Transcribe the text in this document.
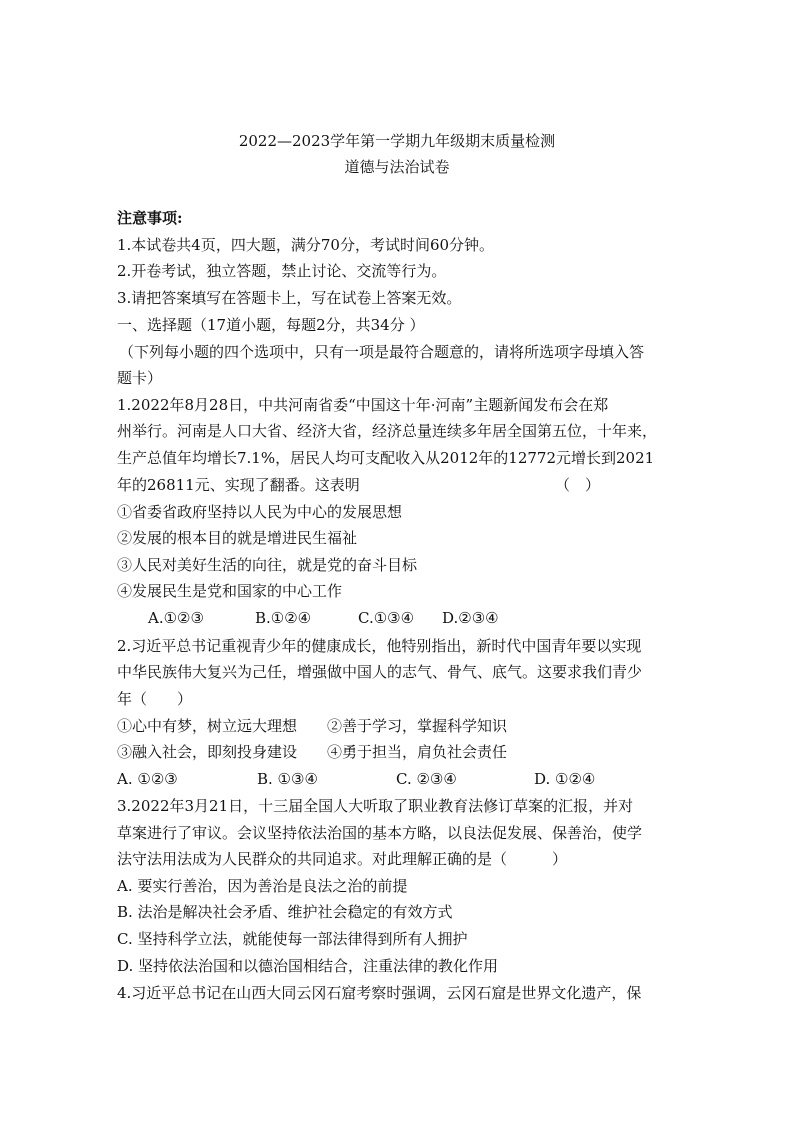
2022—2023学年第一学期九年级期末质量检测
道德与法治试卷
注意事项:
1.本试卷共4页，四大题，满分70分，考试时间60分钟。
2.开卷考试，独立答题，禁止讨论、交流等行为。
3.请把答案填写在答题卡上，写在试卷上答案无效。
一、选择题（17道小题，每题2分，共34分 ）
（下列每小题的四个选项中，只有一项是最符合题意的，请将所选项字母填入答
题卡）
1.2022年8月28日，中共河南省委“中国这十年·河南”主题新闻发布会在郑
州举行。河南是人口大省、经济大省，经济总量连续多年居全国第五位，十年来，
生产总值年均增长7.1%，居民人均可支配收入从2012年的12772元增长到2021
年的26811元、实现了翻番。这表明	（　）
①省委省政府坚持以人民为中心的发展思想
②发展的根本目的就是增进民生福祉
③人民对美好生活的向往，就是党的奋斗目标
④发展民生是党和国家的中心工作
A.①②③	B.①②④	C.①③④ D.②③④
2.习近平总书记重视青少年的健康成长，他特别指出，新时代中国青年要以实现
中华民族伟大复兴为己任，增强做中国人的志气、骨气、底气。这要求我们青少
年（　　）
①心中有梦，树立远大理想　　②善于学习，掌握科学知识
③融入社会，即刻投身建设　　④勇于担当，肩负社会责任
A. ①②③	B. ①③④	C. ②③④	D. ①②④
3.2022年3月21日，十三届全国人大听取了职业教育法修订草案的汇报，并对
草案进行了审议。会议坚持依法治国的基本方略，以良法促发展、保善治，使学
法守法用法成为人民群众的共同追求。对此理解正确的是（　　　）
A. 要实行善治，因为善治是良法之治的前提
B. 法治是解决社会矛盾、维护社会稳定的有效方式
C. 坚持科学立法，就能使每一部法律得到所有人拥护
D. 坚持依法治国和以德治国相结合，注重法律的教化作用
4.习近平总书记在山西大同云冈石窟考察时强调，云冈石窟是世界文化遗产，保
